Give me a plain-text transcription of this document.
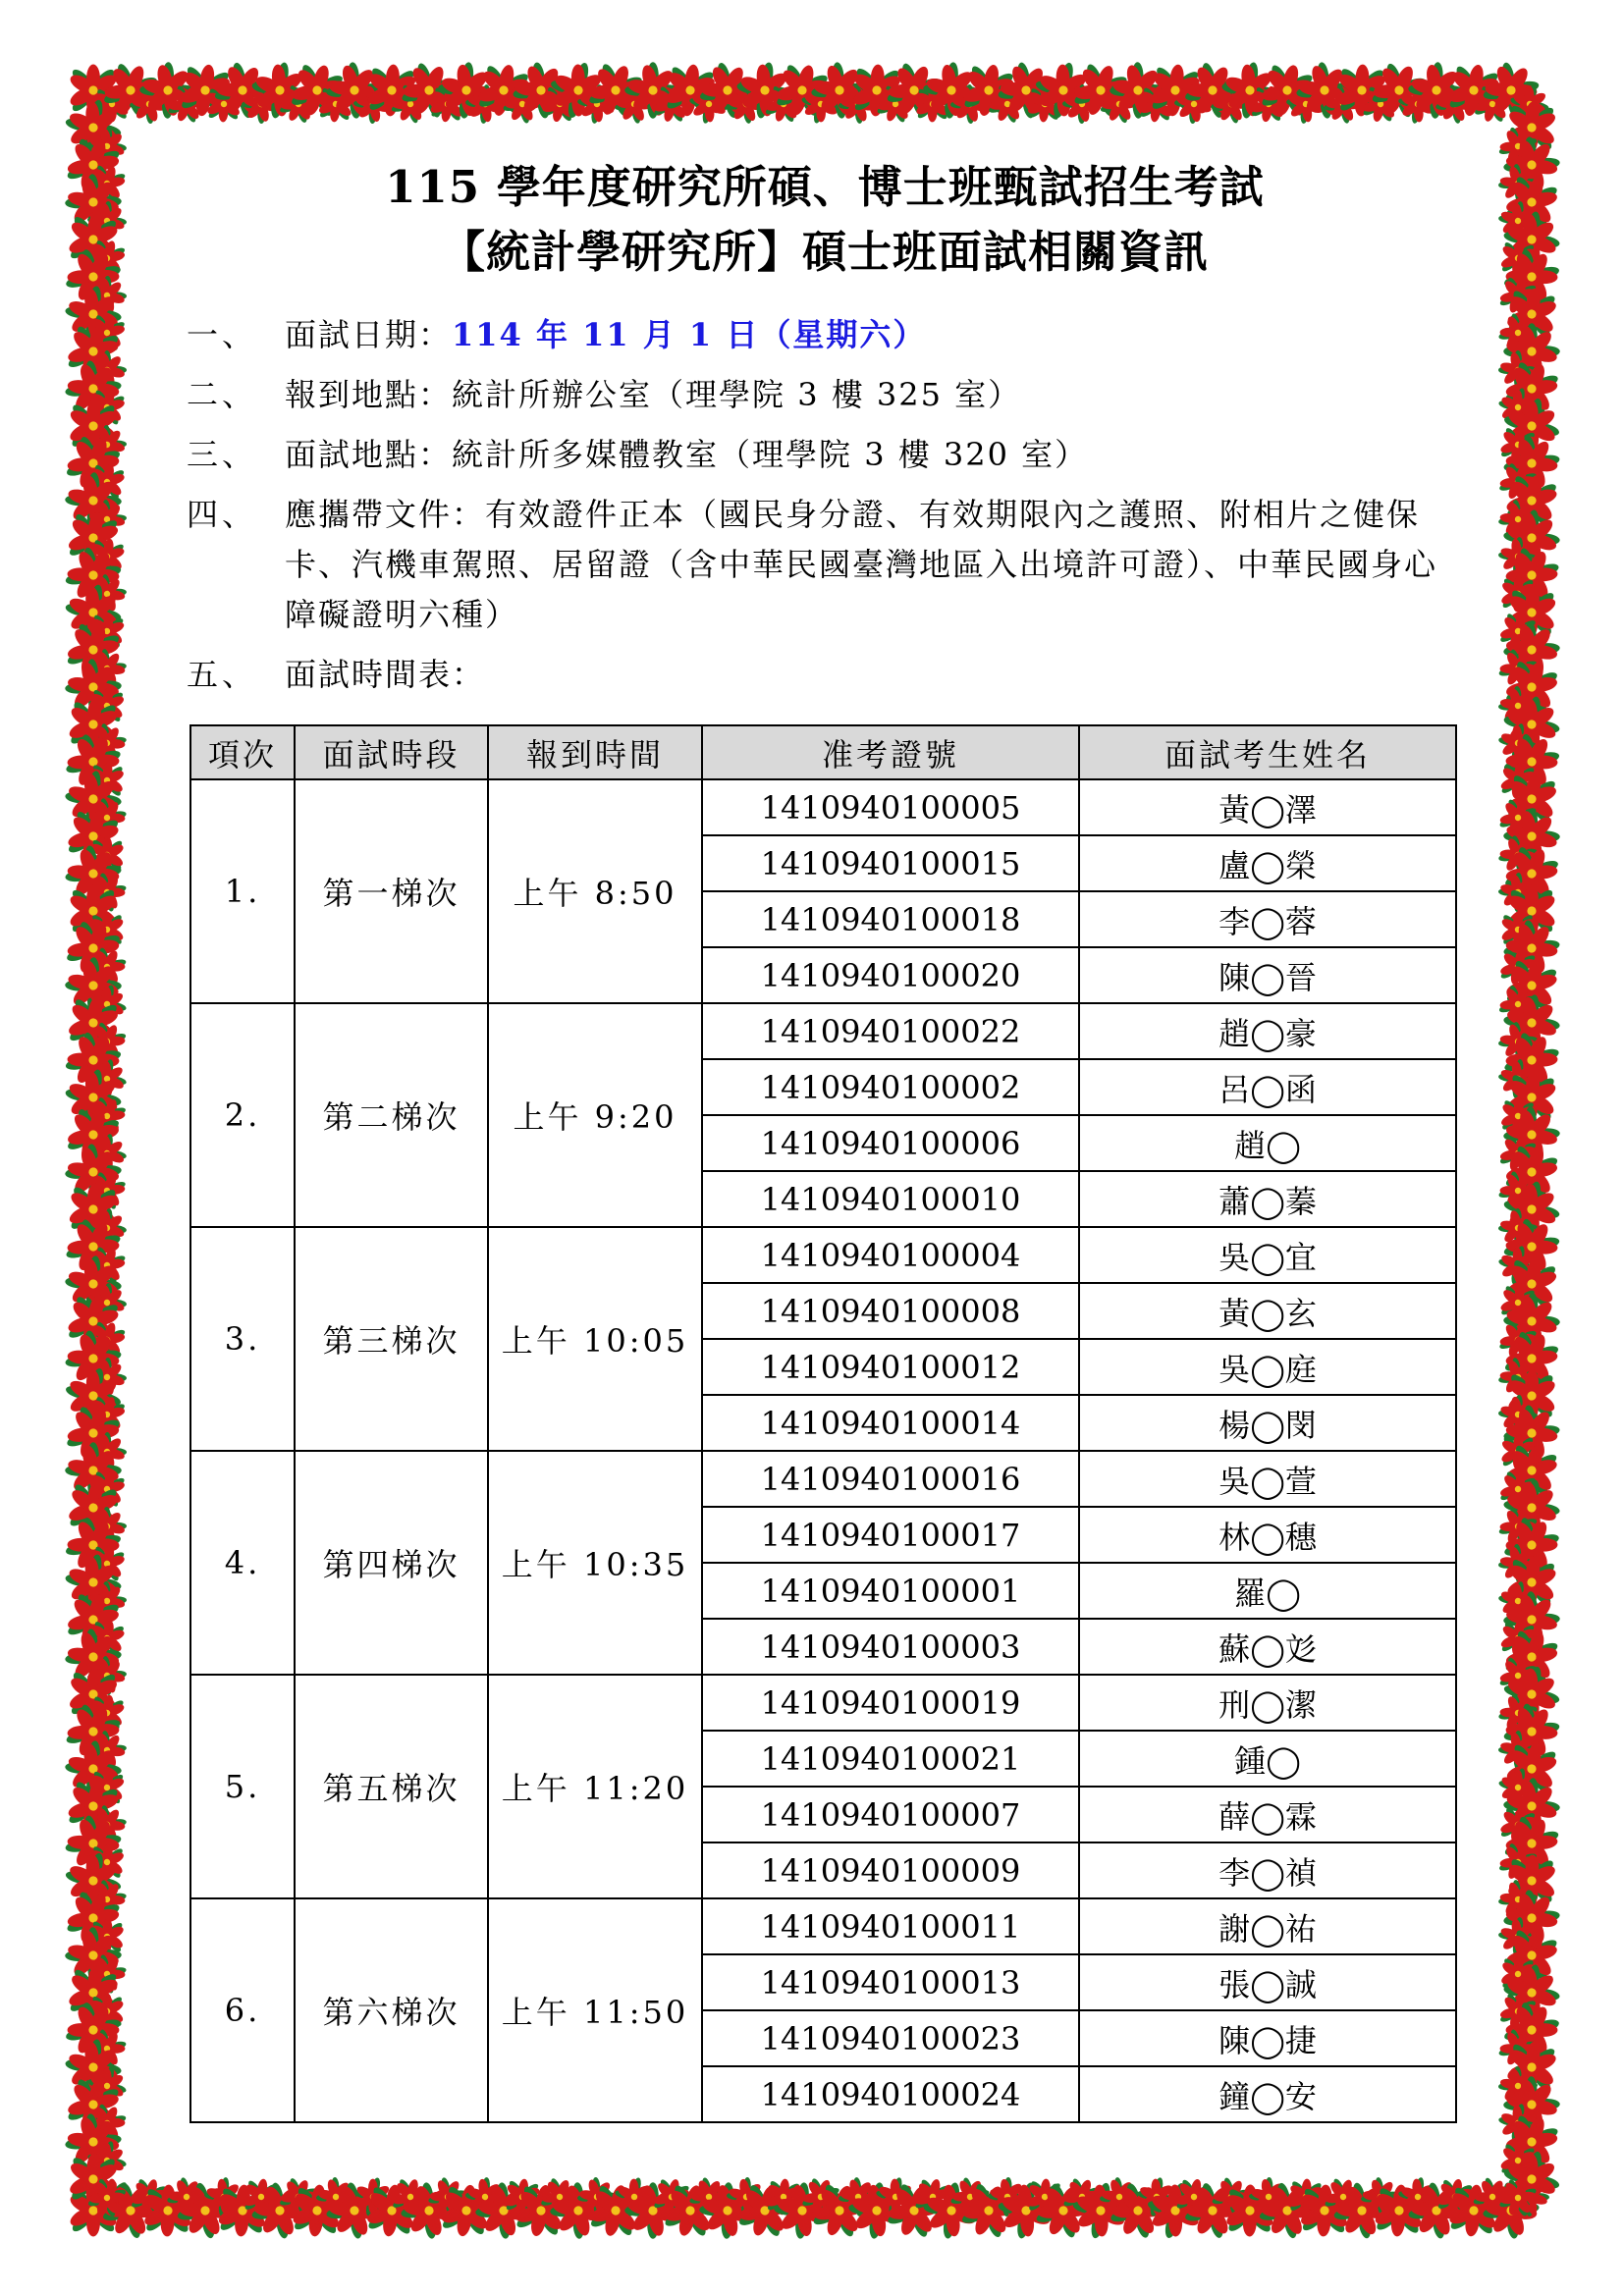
115 學年度研究所碩、博士班甄試招生考試

【統計學研究所】碩士班面試相關資訊

一、 面試日期：114 年 11 月 1 日（星期六）
二、 報到地點：統計所辦公室（理學院 3 樓 325 室）
三、 面試地點：統計所多媒體教室（理學院 3 樓 320 室）
四、 應攜帶文件：有效證件正本（國民身分證、有效期限內之護照、附相片之健保卡、汽機車駕照、居留證（含中華民國臺灣地區入出境許可證）、中華民國身心障礙證明六種）
五、 面試時間表：
項次	面試時段	報到時間	准考證號	面試考生姓名
1.	第一梯次	上午 8:50	1410940100005	黃◯澤
			1410940100015	盧◯榮
			1410940100018	李◯蓉
			1410940100020	陳◯晉
2.	第二梯次	上午 9:20	1410940100022	趙◯豪
			1410940100002	呂◯函
			1410940100006	趙◯
			1410940100010	蕭◯蓁
3.	第三梯次	上午 10:05	1410940100004	吳◯宜
			1410940100008	黃◯玄
			1410940100012	吳◯庭
			1410940100014	楊◯閔
4.	第四梯次	上午 10:35	1410940100016	吳◯萱
			1410940100017	林◯穗
			1410940100001	羅◯
			1410940100003	蘇◯彣
5.	第五梯次	上午 11:20	1410940100019	刑◯潔
			1410940100021	鍾◯
			1410940100007	薛◯霖
			1410940100009	李◯禎
6.	第六梯次	上午 11:50	1410940100011	謝◯祐
			1410940100013	張◯誠
			1410940100023	陳◯捷
			1410940100024	鐘◯安
